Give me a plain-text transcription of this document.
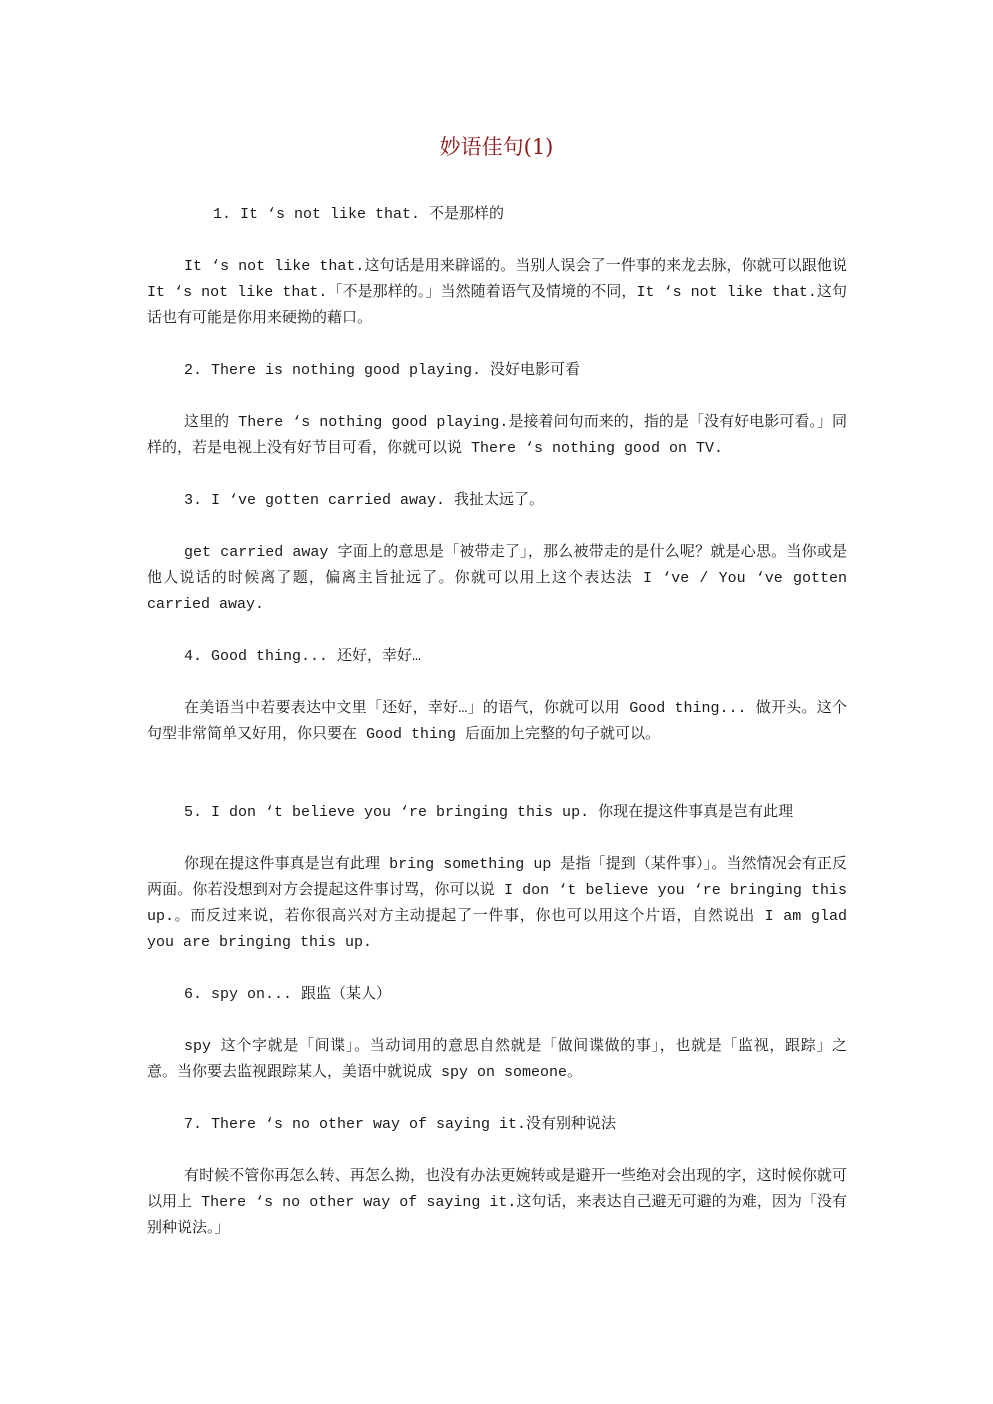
妙语佳句(1)

1. It ‘s not like that. 不是那样的

It ‘s not like that.这句话是用来辟谣的。当别人误会了一件事的来龙去脉，你就可以跟他说 It ‘s not like that.「不是那样的。」当然随着语气及情境的不同，It ‘s not like that.这句话也有可能是你用来硬拗的藉口。

2. There is nothing good playing. 没好电影可看

这里的 There ‘s nothing good playing.是接着问句而来的，指的是「没有好电影可看。」同样的，若是电视上没有好节目可看，你就可以说 There ‘s nothing good on TV.

3. I ‘ve gotten carried away. 我扯太远了。

get carried away 字面上的意思是「被带走了」，那么被带走的是什么呢？就是心思。当你或是他人说话的时候离了题，偏离主旨扯远了。你就可以用上这个表达法 I ‘ve / You ‘ve gotten carried away.

4. Good thing... 还好，幸好…

在美语当中若要表达中文里「还好，幸好…」的语气，你就可以用 Good thing... 做开头。这个句型非常简单又好用，你只要在 Good thing 后面加上完整的句子就可以。

5. I don ‘t believe you ‘re bringing this up. 你现在提这件事真是岂有此理

你现在提这件事真是岂有此理 bring something up 是指「提到（某件事）」。当然情况会有正反两面。你若没想到对方会提起这件事讨骂，你可以说 I don ‘t believe you ‘re bringing this up.。而反过来说，若你很高兴对方主动提起了一件事，你也可以用这个片语，自然说出 I am glad you are bringing this up.

6. spy on... 跟监（某人）

spy 这个字就是「间谍」。当动词用的意思自然就是「做间谍做的事」，也就是「监视，跟踪」之意。当你要去监视跟踪某人，美语中就说成 spy on someone。

7. There ‘s no other way of saying it.没有别种说法

有时候不管你再怎么转、再怎么拗，也没有办法更婉转或是避开一些绝对会出现的字，这时候你就可以用上 There ‘s no other way of saying it.这句话，来表达自己避无可避的为难，因为「没有别种说法。」
